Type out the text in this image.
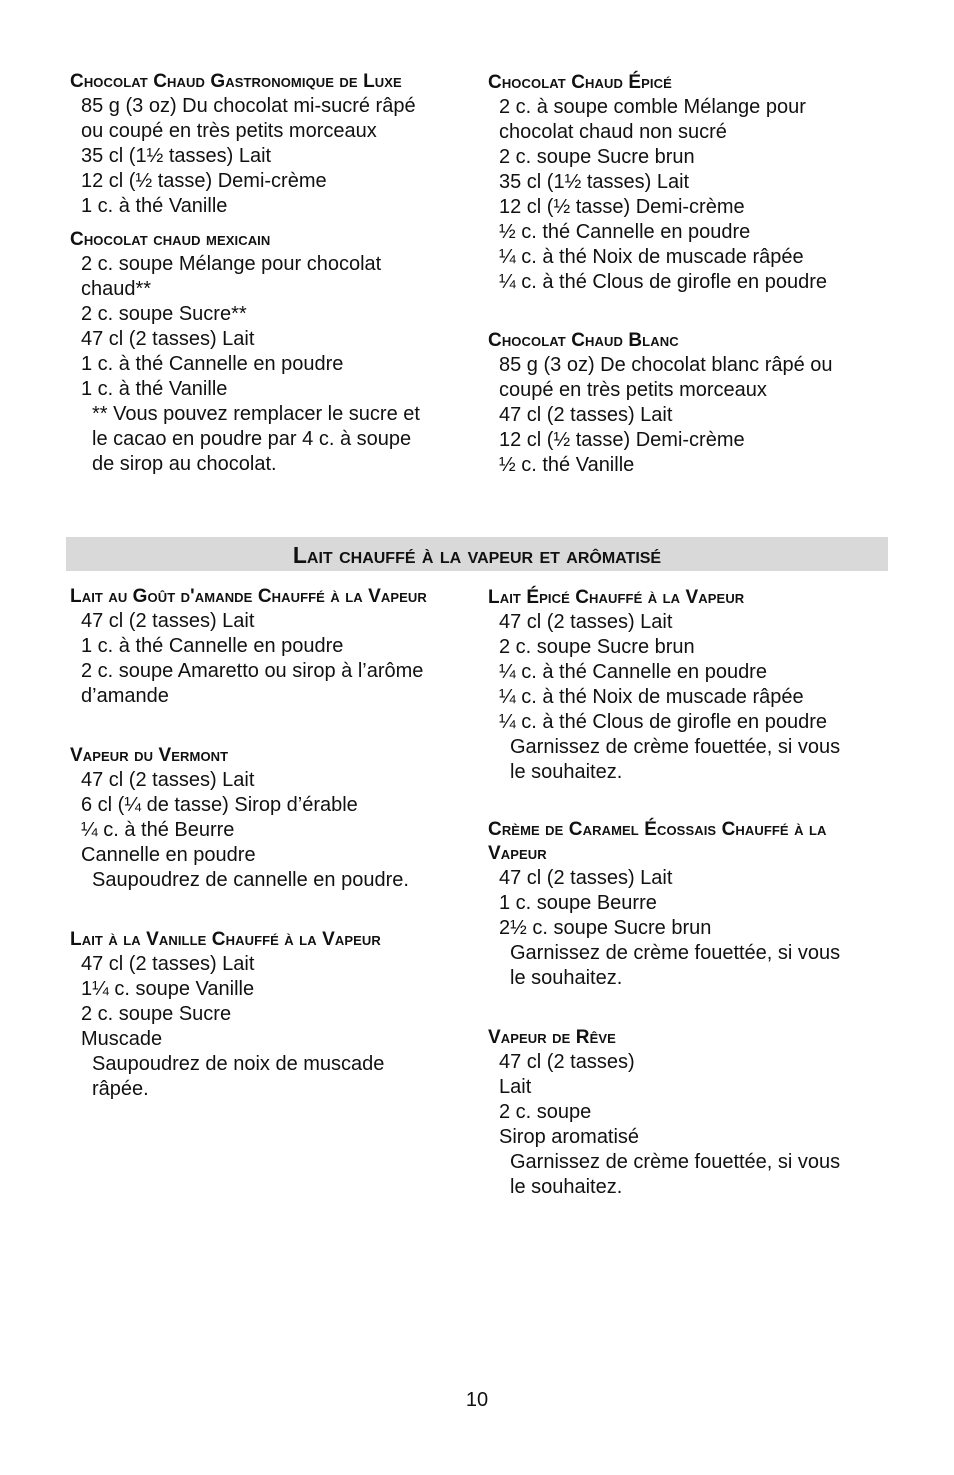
Chocolat Chaud Gastronomique de Luxe
85 g (3 oz) Du chocolat mi-sucré râpé
ou coupé en très petits morceaux
35 cl (1½ tasses) Lait
12 cl (½ tasse) Demi-crème
1 c. à thé Vanille
Chocolat chaud mexicain
2 c. soupe Mélange pour chocolat
chaud**
2 c. soupe Sucre**
47 cl (2 tasses) Lait
1 c. à thé Cannelle en poudre
1 c. à thé Vanille
** Vous pouvez remplacer le sucre et
le cacao en poudre par 4 c. à soupe
de sirop au chocolat.
Chocolat Chaud Épicé
2 c. à soupe comble Mélange pour
chocolat chaud non sucré
2 c. soupe Sucre brun
35 cl (1½ tasses) Lait
12 cl (½ tasse) Demi-crème
½ c. thé Cannelle en poudre
¼ c. à thé Noix de muscade râpée
¼ c. à thé Clous de girofle en poudre
Chocolat Chaud Blanc
85 g (3 oz) De chocolat blanc râpé ou
coupé en très petits morceaux
47 cl (2 tasses) Lait
12 cl (½ tasse) Demi-crème
½ c. thé Vanille
Lait chauffé à la vapeur et arômatisé
Lait au Goût d'amande Chauffé à la Vapeur
47 cl (2 tasses) Lait
1 c. à thé Cannelle en poudre
2 c. soupe Amaretto ou sirop à l’arôme
d’amande
Vapeur du Vermont
47 cl (2 tasses) Lait
6 cl (¼ de tasse) Sirop d’érable
¼ c. à thé Beurre
Cannelle en poudre
Saupoudrez de cannelle en poudre.
Lait à la Vanille Chauffé à la Vapeur
47 cl (2 tasses) Lait
1¼ c. soupe Vanille
2 c. soupe Sucre
Muscade
Saupoudrez de noix de muscade
râpée.
Lait Épicé Chauffé à la Vapeur
47 cl (2 tasses) Lait
2 c. soupe Sucre brun
¼ c. à thé Cannelle en poudre
¼ c. à thé Noix de muscade râpée
¼ c. à thé Clous de girofle en poudre
Garnissez de crème fouettée, si vous
le souhaitez.
Crème de Caramel Écossais Chauffé à la Vapeur
47 cl (2 tasses) Lait
1 c. soupe Beurre
2½ c. soupe Sucre brun
Garnissez de crème fouettée, si vous
le souhaitez.
Vapeur de Rêve
47 cl (2 tasses)
Lait
2 c. soupe
Sirop aromatisé
Garnissez de crème fouettée, si vous
le souhaitez.
10
